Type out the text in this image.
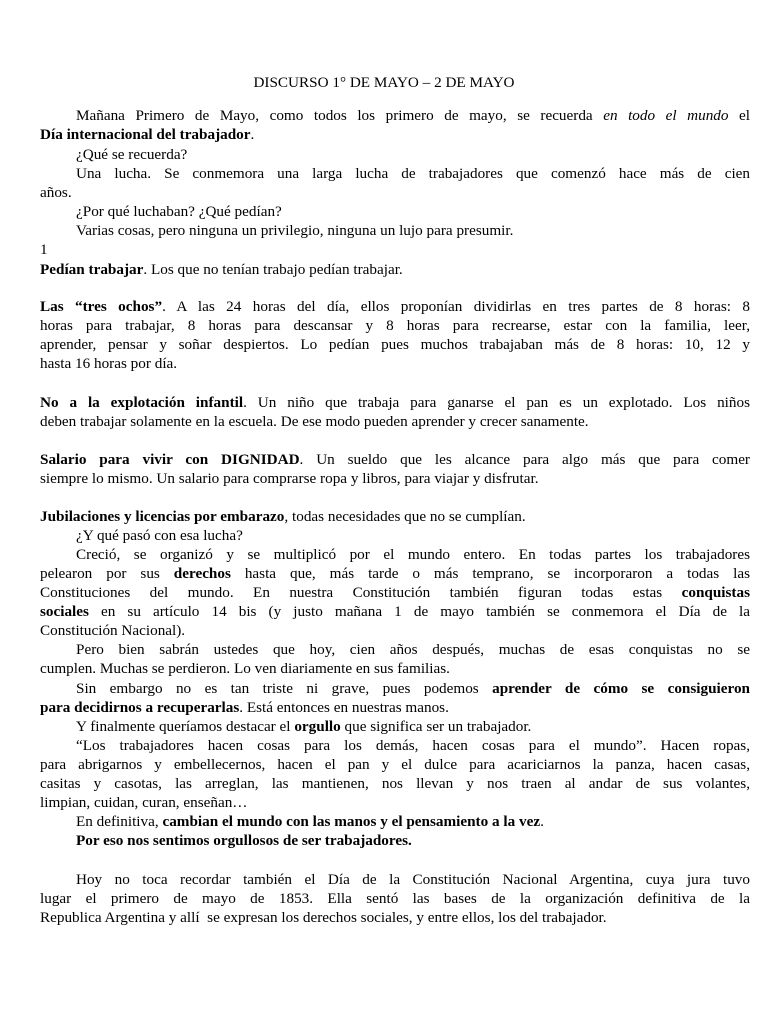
DISCURSO 1° DE MAYO – 2 DE MAYO
Mañana Primero de Mayo, como todos los primero de mayo, se recuerda en todo el mundo el
Día internacional del trabajador.
¿Qué se recuerda?
Una lucha. Se conmemora una larga lucha de trabajadores que comenzó hace más de cien
años.
¿Por qué luchaban? ¿Qué pedían?
Varias cosas, pero ninguna un privilegio, ninguna un lujo para presumir.
1
Pedían trabajar. Los que no tenían trabajo pedían trabajar.
Las “tres ochos”. A las 24 horas del día, ellos proponían dividirlas en tres partes de 8 horas: 8
horas para trabajar, 8 horas para descansar y 8 horas para recrearse, estar con la familia, leer,
aprender, pensar y soñar despiertos. Lo pedían pues muchos trabajaban más de 8 horas: 10, 12 y
hasta 16 horas por día.
No a la explotación infantil. Un niño que trabaja para ganarse el pan es un explotado. Los niños
deben trabajar solamente en la escuela. De ese modo pueden aprender y crecer sanamente.
Salario para vivir con DIGNIDAD. Un sueldo que les alcance para algo más que para comer
siempre lo mismo. Un salario para comprarse ropa y libros, para viajar y disfrutar.
Jubilaciones y licencias por embarazo, todas necesidades que no se cumplían.
¿Y qué pasó con esa lucha?
Creció, se organizó y se multiplicó por el mundo entero. En todas partes los trabajadores
pelearon por sus derechos hasta que, más tarde o más temprano, se incorporaron a todas las
Constituciones del mundo. En nuestra Constitución también figuran todas estas conquistas
sociales en su artículo 14 bis (y justo mañana 1 de mayo también se conmemora el Día de la
Constitución Nacional).
Pero bien sabrán ustedes que hoy, cien años después, muchas de esas conquistas no se
cumplen. Muchas se perdieron. Lo ven diariamente en sus familias.
Sin embargo no es tan triste ni grave, pues podemos aprender de cómo se consiguieron
para decidirnos a recuperarlas. Está entonces en nuestras manos.
Y finalmente queríamos destacar el orgullo que significa ser un trabajador.
“Los trabajadores hacen cosas para los demás, hacen cosas para el mundo”. Hacen ropas,
para abrigarnos y embellecernos, hacen el pan y el dulce para acariciarnos la panza, hacen casas,
casitas y casotas, las arreglan, las mantienen, nos llevan y nos traen al andar de sus volantes,
limpian, cuidan, curan, enseñan…
En definitiva, cambian el mundo con las manos y el pensamiento a la vez.
Por eso nos sentimos orgullosos de ser trabajadores.
Hoy no toca recordar también el Día de la Constitución Nacional Argentina, cuya jura tuvo
lugar el primero de mayo de 1853. Ella sentó las bases de la organización definitiva de la
Republica Argentina y allí  se expresan los derechos sociales, y entre ellos, los del trabajador.
